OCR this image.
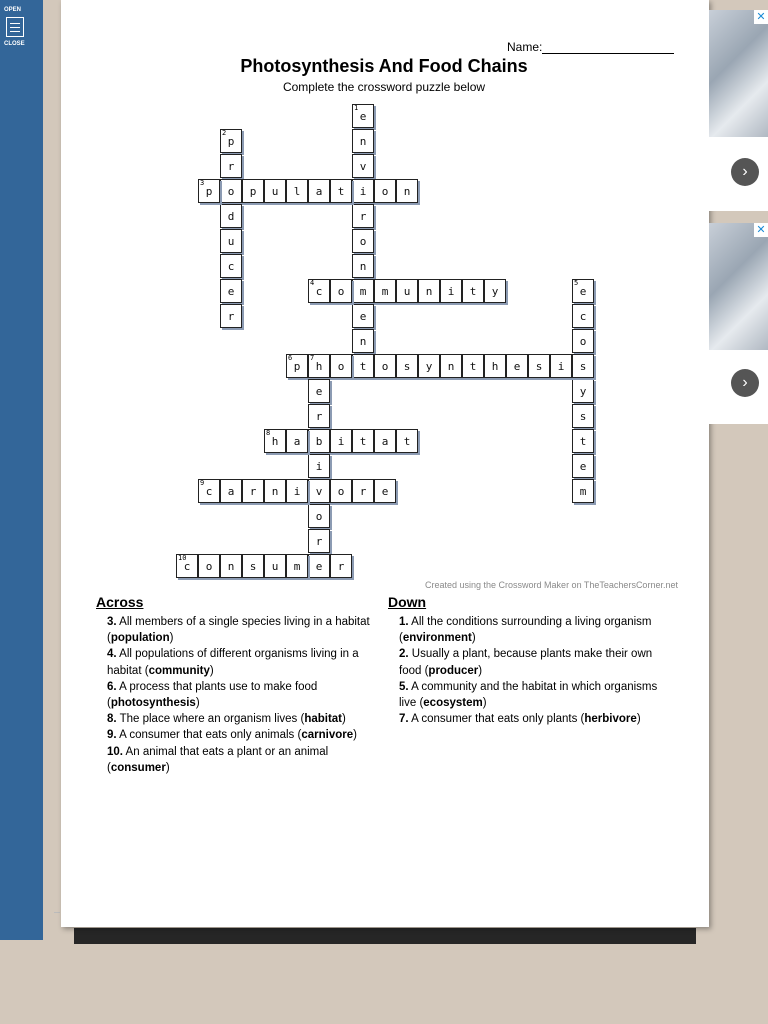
OPEN
CLOSE	Name:
Photosynthesis And Food Chains
Complete the crossword puzzle below
e
1
n
v
i
r
o
n
m
e
n
t
p
2
r
o
d
u
c
e
r
p
3
p	u	l	a	t	o	n
c
4
o	m	u	n	i	t	y	e
5
c
o
y
s
t
e
m
p
6
h
7
o	o	s	y	n	t	h	e	s	i	s
e
r
b
i
v
o
r
e
h
8
a	i	t	a	t
c
9
a	r	n	i	o	r	e
c
10
o	n	s	u	m	r
Created using the Crossword Maker on TheTeachersCorner.net
Across

3. All members of a single species living in a habitat (population)

4. All populations of different organisms living in a habitat (community)

6. A process that plants use to make food (photosynthesis)

8. The place where an organism lives (habitat)

9. A consumer that eats only animals (carnivore)

10. An animal that eats a plant or an animal (consumer)

Down

1. All the conditions surrounding a living organism (environment)

2. Usually a plant, because plants make their own food (producer)

5. A community and the habitat in which organisms live (ecosystem)

7. A consumer that eats only plants (herbivore)

✕
›
✕
›
